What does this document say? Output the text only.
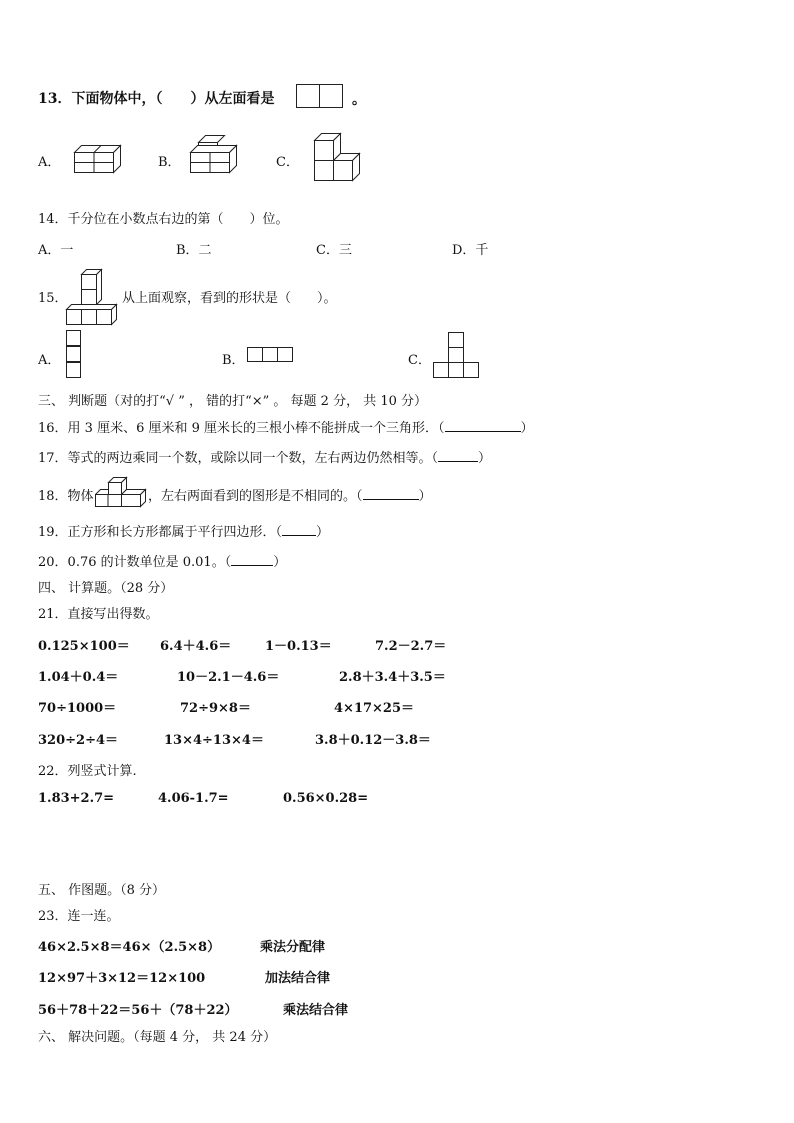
13．下面物体中，（　　）从左面看是	。
A．	B．	C．
14．千分位在小数点右边的第（　　）位。
A．一	B．二	C．三	D．千
15．	从上面观察，看到的形状是（　　）。
A．	B．	C．
三、 判断题（对的打“√ ” ， 错的打“×” 。 每题 2 分， 共 10 分）
16．用 3 厘米、6 厘米和 9 厘米长的三根小棒不能拼成一个三角形．（	）
17．等式的两边乘同一个数，或除以同一个数，左右两边仍然相等。（	）
18．物体	，左右两面看到的图形是不相同的。（	）
19．正方形和长方形都属于平行四边形．（	）
20．0.76 的计数单位是 0.01。（	）
四、 计算题。（28 分）
21．直接写出得数。
0.125×100＝ 6.4＋4.6＝	1－0.13＝	7.2－2.7＝
1.04＋0.4＝	10－2.1－4.6＝	2.8＋3.4＋3.5＝
70÷1000＝	72÷9×8＝	4×17×25＝
320÷2÷4＝	13×4÷13×4＝	3.8＋0.12－3.8＝
22．列竖式计算.
1.83+2.7=	4.06-1.7=	0.56×0.28=
五、 作图题。（8 分）
23．连一连。
46×2.5×8＝46×（2.5×8）	乘法分配律
12×97＋3×12＝12×100	加法结合律
56＋78＋22＝56＋（78＋22）	乘法结合律
六、 解决问题。（每题 4 分， 共 24 分）
